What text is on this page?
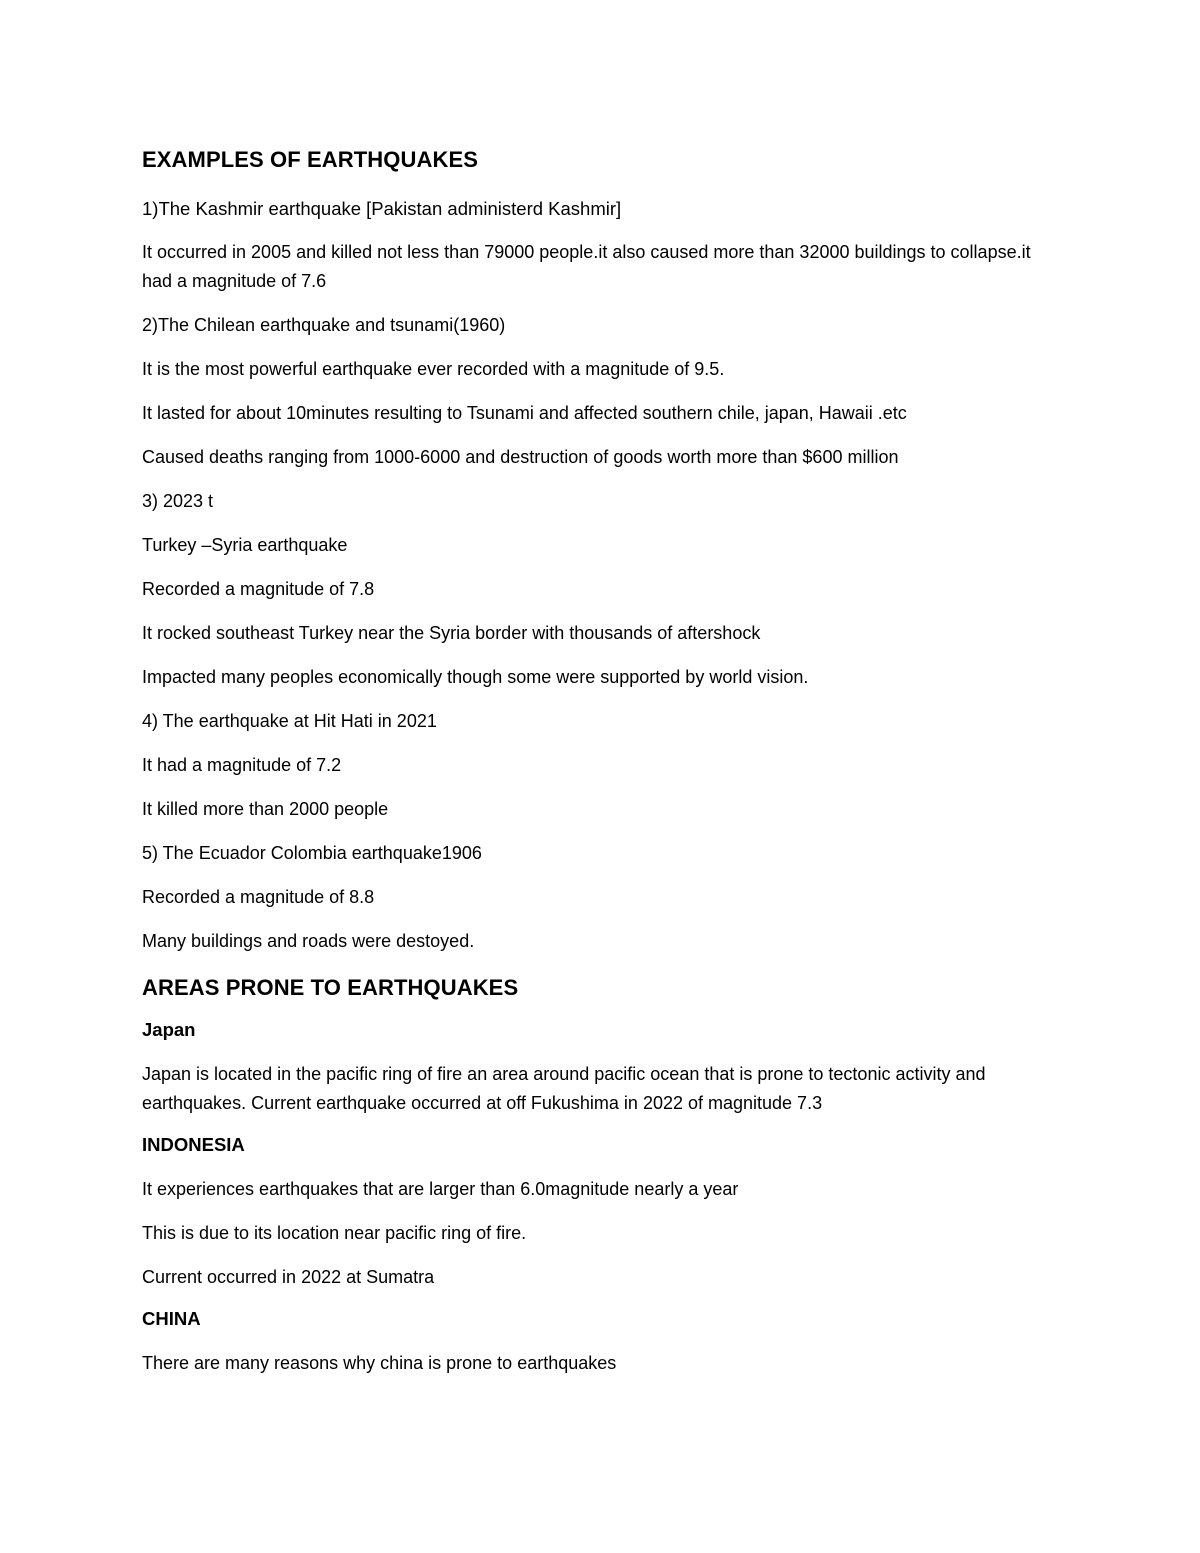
EXAMPLES OF EARTHQUAKES
1)The Kashmir earthquake [Pakistan administerd Kashmir]
It occurred in 2005 and killed not less than 79000 people.it also caused more than 32000 buildings to collapse.it had a magnitude of 7.6
2)The Chilean earthquake and tsunami(1960)
It is the most powerful earthquake ever recorded with a magnitude of 9.5.
It lasted for about 10minutes resulting to Tsunami and affected southern chile, japan, Hawaii .etc
Caused deaths ranging from 1000-6000 and destruction of goods worth more than $600 million
3) 2023 t
Turkey –Syria earthquake
Recorded a magnitude of 7.8
It rocked southeast Turkey near the Syria border with thousands of aftershock
Impacted many peoples economically though some were supported by world vision.
4) The earthquake at Hit Hati in 2021
It had a magnitude of 7.2
It killed more than 2000 people
5) The Ecuador Colombia earthquake1906
Recorded a magnitude of 8.8
Many buildings and roads were destoyed.
AREAS PRONE TO EARTHQUAKES
Japan
Japan is located in the pacific ring of fire an area around pacific ocean that is prone to tectonic activity and earthquakes. Current earthquake occurred at off Fukushima in 2022 of magnitude 7.3
INDONESIA
It experiences earthquakes that are larger than 6.0magnitude nearly a year
This is due to its location near pacific ring of fire.
Current occurred in 2022 at Sumatra
CHINA
There are many reasons why china is prone to earthquakes
